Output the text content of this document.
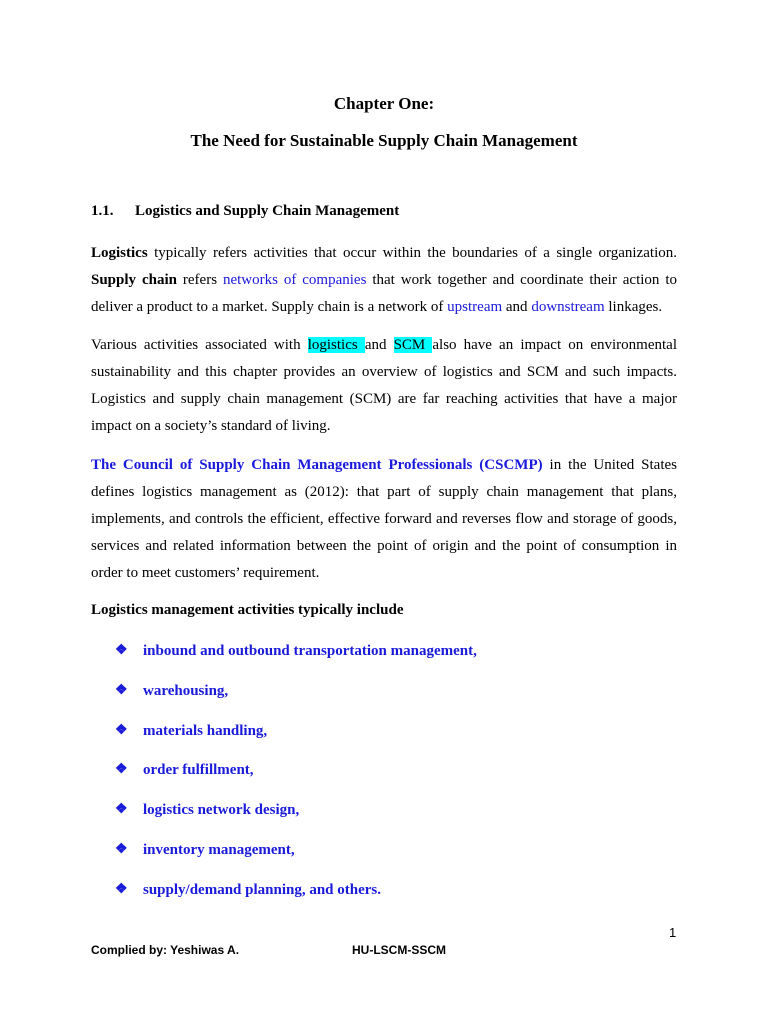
Chapter One:
The Need for Sustainable Supply Chain Management
1.1. Logistics and Supply Chain Management

Logistics typically refers activities that occur within the boundaries of a single organization. Supply chain refers networks of companies that work together and coordinate their action to deliver a product to a market. Supply chain is a network of upstream and downstream linkages.

Various activities associated with logistics and SCM also have an impact on environmental sustainability and this chapter provides an overview of logistics and SCM and such impacts. Logistics and supply chain management (SCM) are far reaching activities that have a major impact on a society’s standard of living.

The Council of Supply Chain Management Professionals (CSCMP) in the United States defines logistics management as (2012): that part of supply chain management that plans, implements, and controls the efficient, effective forward and reverses flow and storage of goods, services and related information between the point of origin and the point of consumption in order to meet customers’ requirement.

Logistics management activities typically include
❖	inbound and outbound transportation management,
❖	warehousing,
❖	materials handling,
❖	order fulfillment,
❖	logistics network design,
❖	inventory management,
❖	supply/demand planning, and others.
1
Complied by: Yeshiwas A.	HU-LSCM-SSCM
